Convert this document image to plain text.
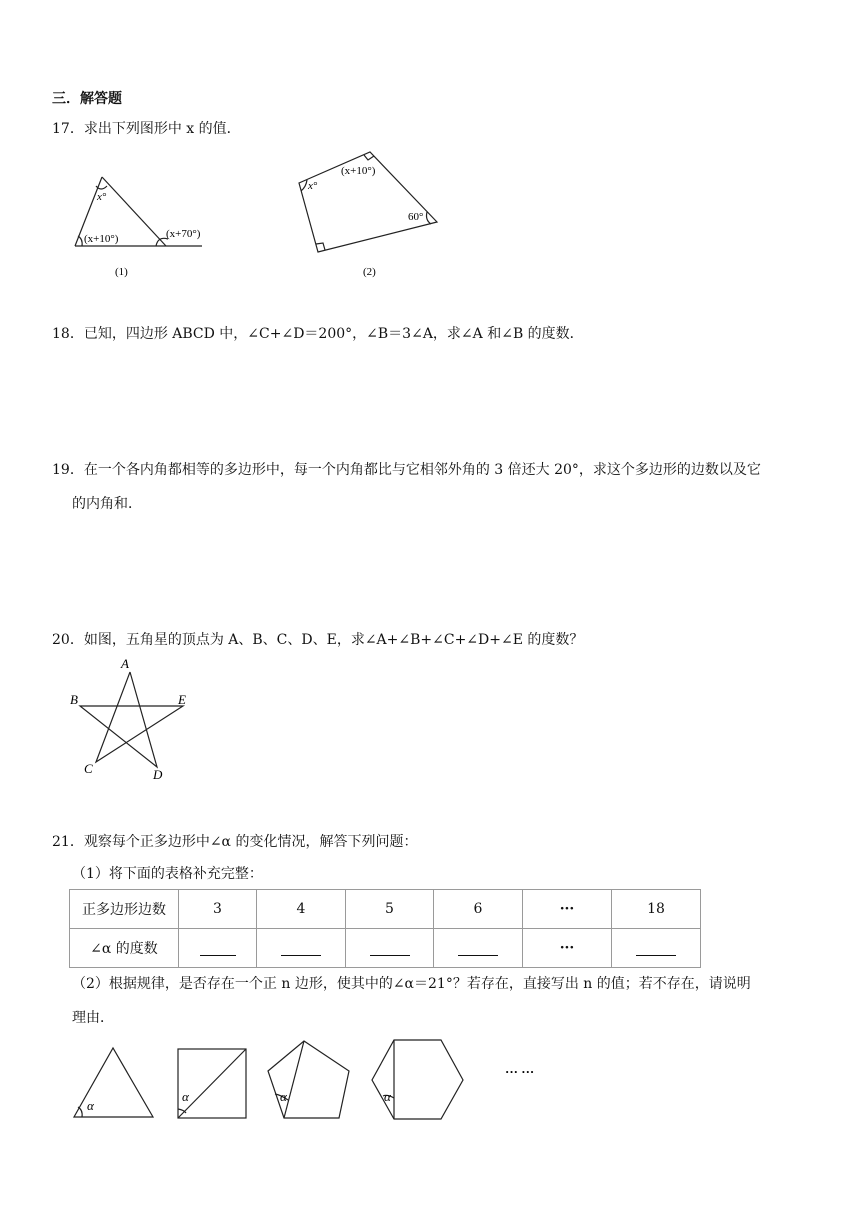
三．解答题
17．求出下列图形中 x 的值．
x°
(x+10°)	(x+70°)
(1)
x°
(x+10°)
60°
(2)
A
B	E
C	D
α
α	α	α
··· ···
18．已知，四边形 ABCD 中，∠C+∠D＝200°，∠B＝3∠A，求∠A 和∠B 的度数．
19．在一个各内角都相等的多边形中，每一个内角都比与它相邻外角的 3 倍还大 20°，求这个多边形的边数以及它
的内角和．
20．如图，五角星的顶点为 A、B、C、D、E，求∠A+∠B+∠C+∠D+∠E 的度数？
21．观察每个正多边形中∠α 的变化情况，解答下列问题：
（1）将下面的表格补充完整：
正多边形边数	3	4	5	6	···	18
∠α 的度数					···	
（2）根据规律，是否存在一个正 n 边形，使其中的∠α＝21°？若存在，直接写出 n 的值；若不存在，请说明
理由．
